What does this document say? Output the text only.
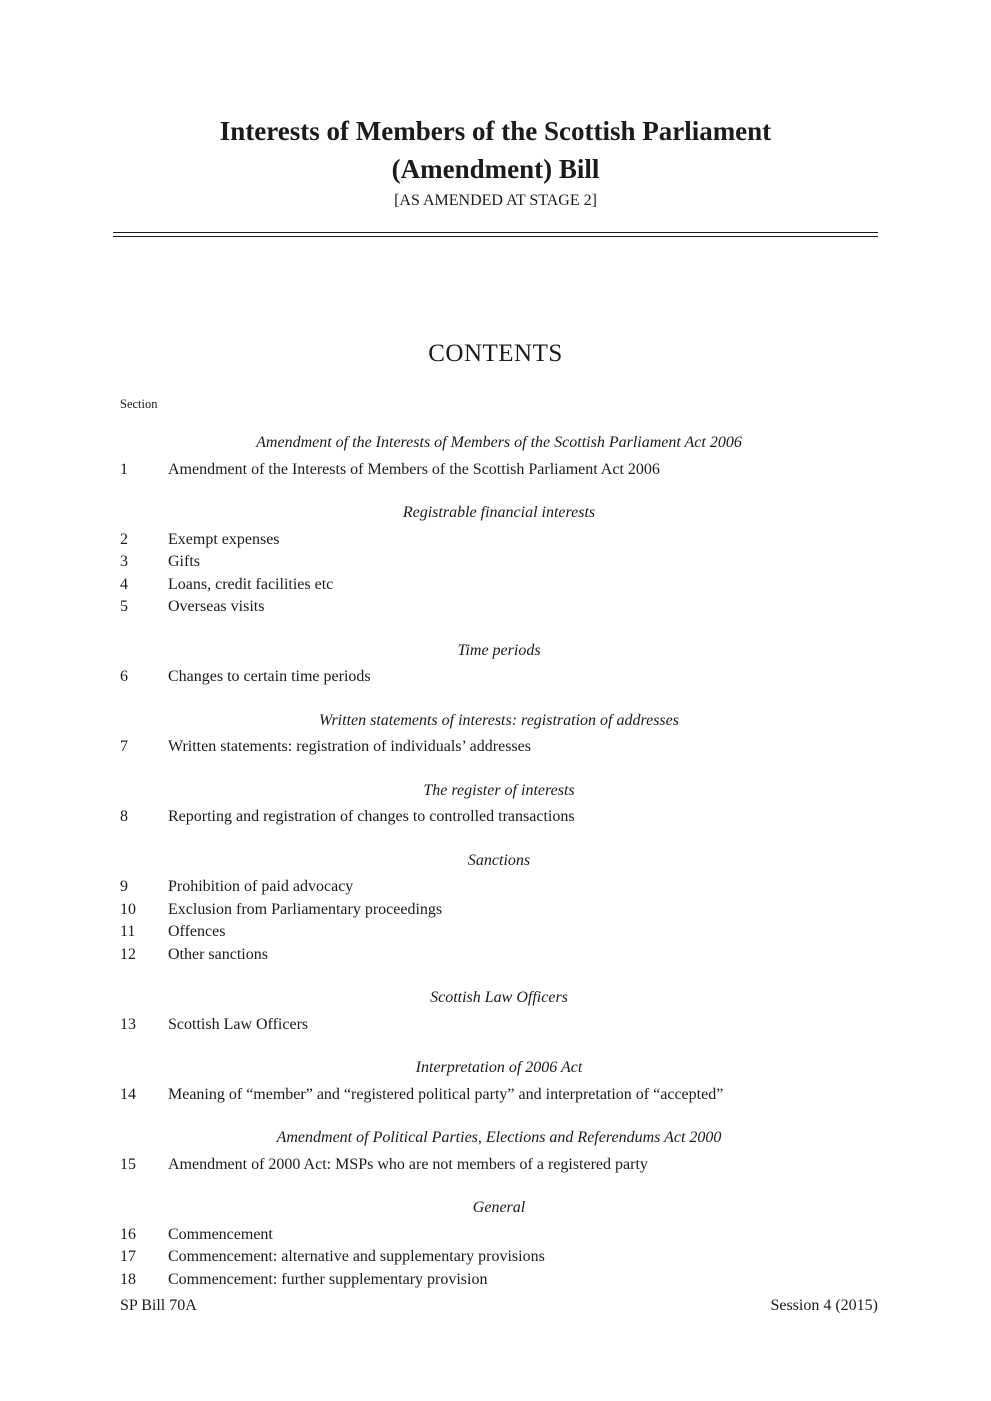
Interests of Members of the Scottish Parliament
(Amendment) Bill
[AS AMENDED AT STAGE 2]
CONTENTS
Section
Amendment of the Interests of Members of the Scottish Parliament Act 2006
1	Amendment of the Interests of Members of the Scottish Parliament Act 2006
Registrable financial interests
2	Exempt expenses
3	Gifts
4	Loans, credit facilities etc
5	Overseas visits
Time periods
6	Changes to certain time periods
Written statements of interests: registration of addresses
7	Written statements: registration of individuals’ addresses
The register of interests
8	Reporting and registration of changes to controlled transactions
Sanctions
9	Prohibition of paid advocacy
10	Exclusion from Parliamentary proceedings
11	Offences
12	Other sanctions
Scottish Law Officers
13	Scottish Law Officers
Interpretation of 2006 Act
14	Meaning of “member” and “registered political party” and interpretation of “accepted”
Amendment of Political Parties, Elections and Referendums Act 2000
15	Amendment of 2000 Act: MSPs who are not members of a registered party
General
16	Commencement
17	Commencement: alternative and supplementary provisions
18	Commencement: further supplementary provision
SP Bill 70A	Session 4 (2015)
